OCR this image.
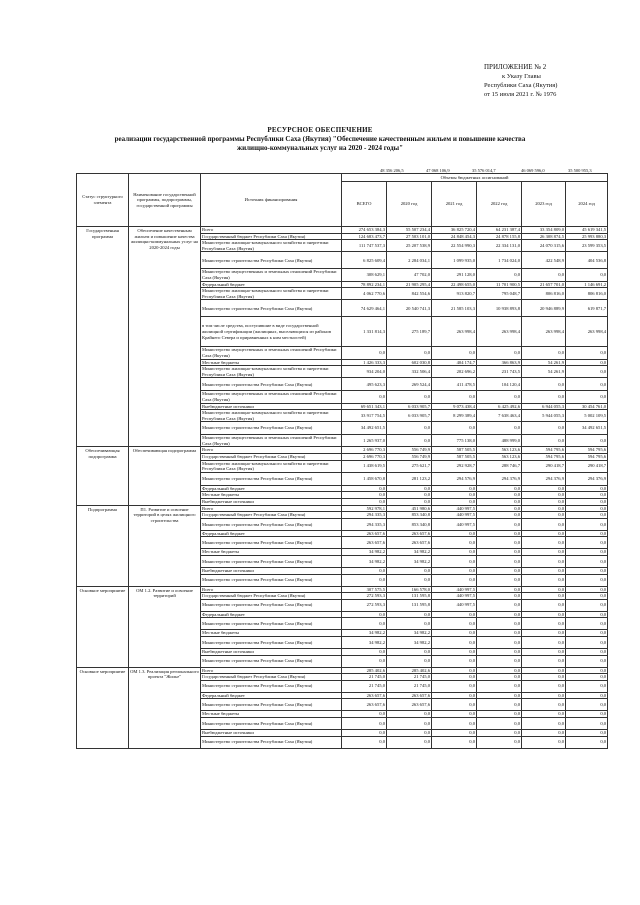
ПРИЛОЖЕНИЕ № 2
к Указу Главы
Республики Саха (Якутия)
от 15 июля 2021 г. № 1976
РЕСУРСНОЕ ОБЕСПЕЧЕНИЕ
реализации государственной программы Республики Саха (Якутия) "Обеспечение качественным жильем и повышение качества
жилищно-коммунальных услуг на 2020 - 2024 годы"
48 356 206,5	47 068 106,9	35 576 014,7	46 069 596,0	35 500 955,3
Статус структурного элемента	Наименование государственной программы, подпрограммы, государственной программы	Источник финансирования	Объемы бюджетных ассигнований					
			ВСЕГО	2020 год	2021 год	2022 год	2023 год	2024 год
Государственная программа	Обеспечение качественным жильем и повышение качества жилищно-коммунальных услуг на 2020-2024 годы	Всего	274 653 384,3	55 507 234,4	36 825 720,4	64 231 387,4	33 354 809,0	45 619 341,5
		Государственный бюджет Республики Саха (Якутия)	124 683 473,7	27 503 101,0	24 848 454,3	24 878 155,8	26 308 874,5	25 993 880,3
		Министерство жилищно-коммунального хозяйства и энергетики Республики Саха (Якутия)	111 747 537,3	25 207 538,9	22 554 990,3	22 334 131,0	24 070 315,6	23 599 353,5
		Министерство строительства Республики Саха (Якутия)	6 825 609,4	2 284 034,1	1 099 935,0	1 734 024,0	422 548,9	404 536,8
		Министерство имущественных и земельных отношений Республики Саха (Якутия)	308 629,1	47 702,0	291 128,0	0,0	0,0	0,0
		Федеральный бюджет	78 892 234,1	21 905 295,4	22 498 655,0	11 701 900,5	21 657 701,0	1 146 691,2
		Министерство жилищно-коммунального хозяйства и энергетики Республики Саха (Якутия)	4 062 770,6	842 554,6	913 820,7	795 048,7	806 816,0	806 816,0
		Министерство строительства Республики Саха (Якутия)	74 629 464,1	20 540 741,3	21 585 103,3	10 938 893,8	20 946 889,9	619 871,7
		в том числе средства, поступившие в виде государственной жилищной сертификации (жилищных, выселяющихся из районов Крайнего Севера и приравненных к ним местностей)	1 331 814,3	275 189,7	263 998,4	263 998,4	263 998,4	263 998,4
		Министерство имущественных и земельных отношений Республики Саха (Якутия)	0,0	0,0	0,0	0,0	0,0	0,0
		Местные бюджеты	1 426 333,3	602 030,8	404 174,7	366 863,9	54 261,9	0,0
		Министерство жилищно-коммунального хозяйства и энергетики Республики Саха (Якутия)	934 204,0	332 506,4	202 696,2	231 743,5	54 261,9	0,0
		Министерство строительства Республики Саха (Якутия)	495 623,3	269 524,4	411 478,5	104 120,4	0,0	0,0
		Министерство имущественных и земельных отношений Республики Саха (Якутия)	0,0	0,0	0,0	0,0	0,0	0,0
		Внебюджетные источники	69 651 343,1	6 033 905,7	9 073 438,4	6 425 492,6	6 944 055,3	30 454 761,0
		Министерство жилищно-коммунального хозяйства и энергетики Республики Саха (Якутия)	33 917 754,5	6 033 905,7	8 299 389,4	7 638 463,4	5 944 055,3	5 002 109,5
		Министерство строительства Республики Саха (Якутия)	34 492 651,5	0,0	0,0	0,0	0,0	34 492 651,5
		Министерство имущественных и земельных отношений Республики Саха (Якутия)	1 265 937,0	0,0	775 138,0	488 999,0	0,0	0,0
Обеспечивающая подпрограмма	Обеспечивающая подпрограмма	Всего	2 696 770,3	556 749,9	587 505,5	563 123,6	594 795,6	594 795,6
		Государственный бюджет Республики Саха (Якутия)	2 696 770,3	556 749,9	587 505,5	563 123,6	594 795,6	594 795,6
		Министерство жилищно-коммунального хозяйства и энергетики Республики Саха (Якутия)	1 438 619,5	275 621,7	292 928,7	288 746,7	290 418,7	290 418,7
		Министерство строительства Республики Саха (Якутия)	1 458 670,8	281 123,2	294 576,9	294 376,9	294 376,9	294 376,9
		Федеральный бюджет	0,0	0,0	0,0	0,0	0,0	0,0
		Местные бюджеты	0,0	0,0	0,0	0,0	0,0	0,0
		Внебюджетные источники	0,0	0,0	0,0	0,0	0,0	0,0
Подпрограмма	П1. Развитие и освоение территорий в целях жилищного строительства	Всего	592 978,1	451 980,6	440 997,5	0,0	0,0	0,0
		Государственный бюджет Республики Саха (Якутия)	294 335,3	853 340,8	440 997,5	0,0	0,0	0,0
		Министерство строительства Республики Саха (Якутия)	294 335,3	853 340,8	440 997,5	0,0	0,0	0,0
		Федеральный бюджет	263 657,6	263 657,6	0,0	0,0	0,0	0,0
		Министерство строительства Республики Саха (Якутия)	263 657,6	263 657,6	0,0	0,0	0,0	0,0
		Местные бюджеты	34 982,2	34 982,2	0,0	0,0	0,0	0,0
		Министерство строительства Республики Саха (Якутия)	34 982,2	34 982,2	0,0	0,0	0,0	0,0
		Внебюджетные источники	0,0	0,0	0,0	0,0	0,0	0,0
		Министерство строительства Республики Саха (Якутия)	0,0	0,0	0,0	0,0	0,0	0,0
Основное мероприятие	ОМ 1.2. Развитие и освоение территорий	Всего	307 575,5	166 578,0	440 997,5	0,0	0,0	0,0
		Государственный бюджет Республики Саха (Якутия)	272 593,3	131 595,8	440 997,5	0,0	0,0	0,0
		Министерство строительства Республики Саха (Якутия)	272 593,3	131 595,8	440 997,5	0,0	0,0	0,0
		Федеральный бюджет	0,0	0,0	0,0	0,0	0,0	0,0
		Министерство строительства Республики Саха (Якутия)	0,0	0,0	0,0	0,0	0,0	0,0
		Местные бюджеты	34 982,2	34 982,2	0,0	0,0	0,0	0,0
		Министерство строительства Республики Саха (Якутия)	34 982,2	34 982,2	0,0	0,0	0,0	0,0
		Внебюджетные источники	0,0	0,0	0,0	0,0	0,0	0,0
		Министерство строительства Республики Саха (Якутия)	0,0	0,0	0,0	0,0	0,0	0,0
Основное мероприятие	ОМ 1.3. Реализация регионального проекта "Жилье"	Всего	285 402,6	285 402,6	0,0	0,0	0,0	0,0
		Государственный бюджет Республики Саха (Якутия)	21 745,0	21 745,0	0,0	0,0	0,0	0,0
		Министерство строительства Республики Саха (Якутия)	21 745,0	21 745,0	0,0	0,0	0,0	0,0
		Федеральный бюджет	263 657,6	263 657,6	0,0	0,0	0,0	0,0
		Министерство строительства Республики Саха (Якутия)	263 657,6	263 657,6	0,0	0,0	0,0	0,0
		Местные бюджеты	0,0	0,0	0,0	0,0	0,0	0,0
		Министерство строительства Республики Саха (Якутия)	0,0	0,0	0,0	0,0	0,0	0,0
		Внебюджетные источники	0,0	0,0	0,0	0,0	0,0	0,0
		Министерство строительства Республики Саха (Якутия)	0,0	0,0	0,0	0,0	0,0	0,0
